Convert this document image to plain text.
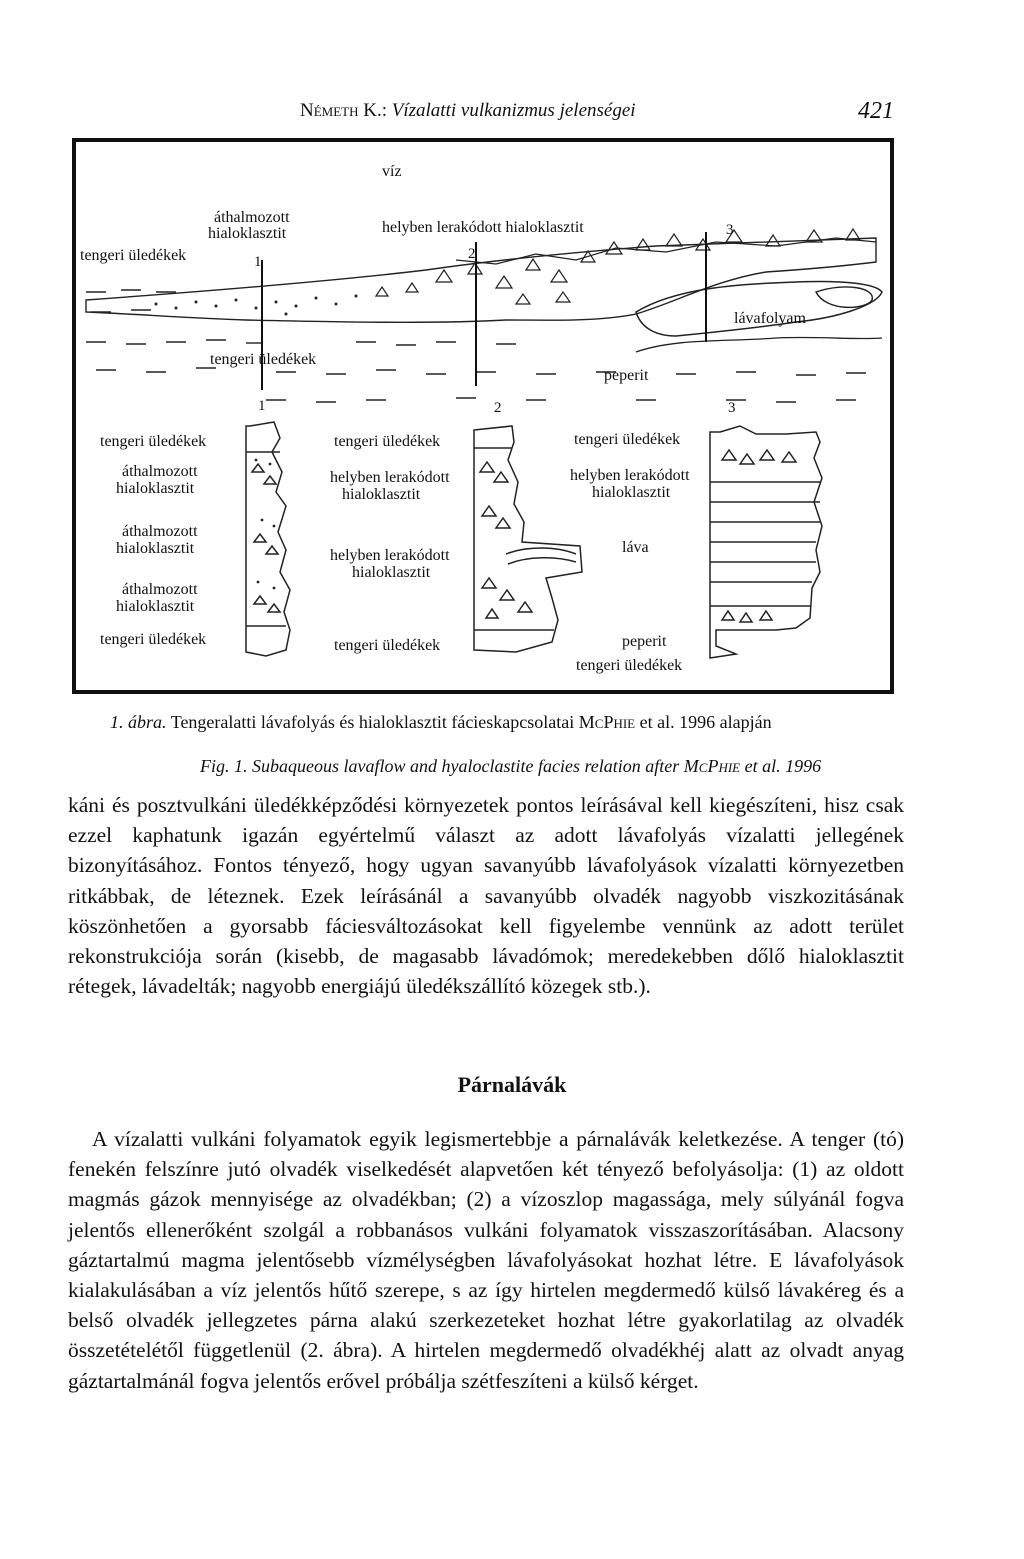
Németh K.: Vízalatti vulkanizmus jelenségei	421
víz
áthalmozott hialoklasztit
tengeri üledékek
helyben lerakódott hialoklasztit
1	2
3
tengeri üledékek
lávafolyam
peperit
1	2	3
tengeri üledékek
áthalmozott hialoklasztit
áthalmozott hialoklasztit
áthalmozott hialoklasztit
tengeri üledékek
tengeri üledékek
helyben lerakódott hialoklasztit
helyben lerakódott hialoklasztit
tengeri üledékek
tengeri üledékek
helyben lerakódott hialoklasztit
láva
peperit
tengeri üledékek
1. ábra. Tengeralatti lávafolyás és hialoklasztit fácieskapcsolatai McPhie et al. 1996 alapján
Fig. 1. Subaqueous lavaflow and hyaloclastite facies relation after McPhie et al. 1996
káni és posztvulkáni üledékképződési környezetek pontos leírásával kell kiegészíteni, hisz csak ezzel kaphatunk igazán egyértelmű választ az adott lávafolyás vízalatti jellegének bizonyításához. Fontos tényező, hogy ugyan savanyúbb lávafolyások vízalatti környezetben ritkábbak, de léteznek. Ezek leírásánál a savanyúbb olvadék nagyobb viszkozitásának köszönhetően a gyorsabb fáciesváltozásokat kell figyelembe vennünk az adott terület rekonstrukciója során (kisebb, de magasabb lávadómok; meredekebben dőlő hialoklasztit rétegek, lávadelták; nagyobb energiájú üledékszállító közegek stb.).
Párnalávák
A vízalatti vulkáni folyamatok egyik legismertebbje a párnalávák keletkezése. A tenger (tó) fenekén felszínre jutó olvadék viselkedését alapvetően két tényező befolyásolja: (1) az oldott magmás gázok mennyisége az olvadékban; (2) a vízoszlop magassága, mely súlyánál fogva jelentős ellenerőként szolgál a robbanásos vulkáni folyamatok visszaszorításában. Alacsony gáztartalmú magma jelentősebb vízmélységben lávafolyásokat hozhat létre. E lávafolyások kialakulásában a víz jelentős hűtő szerepe, s az így hirtelen megdermedő külső lávakéreg és a belső olvadék jellegzetes párna alakú szerkezeteket hozhat létre gyakorlatilag az olvadék összetételétől függetlenül (2. ábra). A hirtelen megdermedő olvadékhéj alatt az olvadt anyag gáztartalmánál fogva jelentős erővel próbálja szétfeszíteni a külső kérget.
